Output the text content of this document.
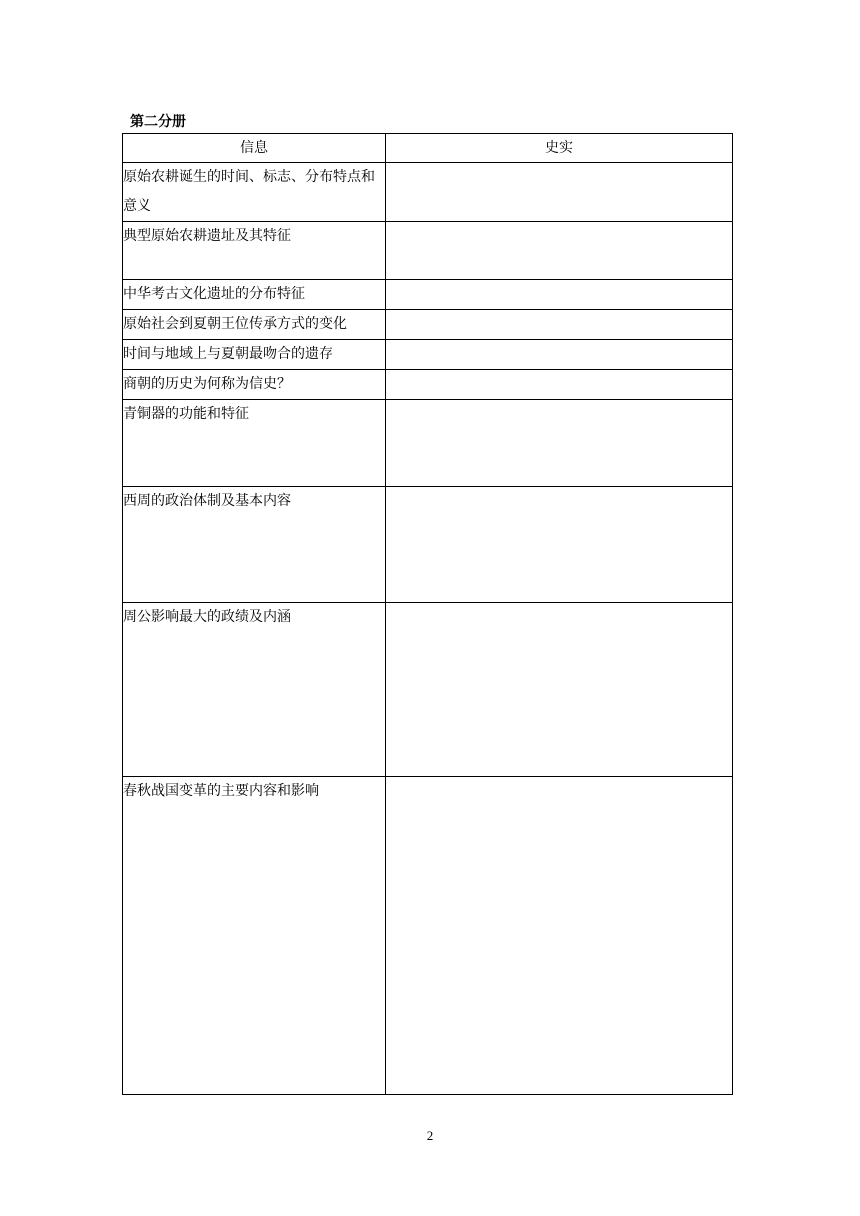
第二分册
信息	史实
原始农耕诞生的时间、标志、分布特点和意义	
典型原始农耕遗址及其特征	
中华考古文化遗址的分布特征	
原始社会到夏朝王位传承方式的变化	
时间与地域上与夏朝最吻合的遗存	
商朝的历史为何称为信史？	
青铜器的功能和特征	
西周的政治体制及基本内容	
周公影响最大的政绩及内涵	
春秋战国变革的主要内容和影响	
2
